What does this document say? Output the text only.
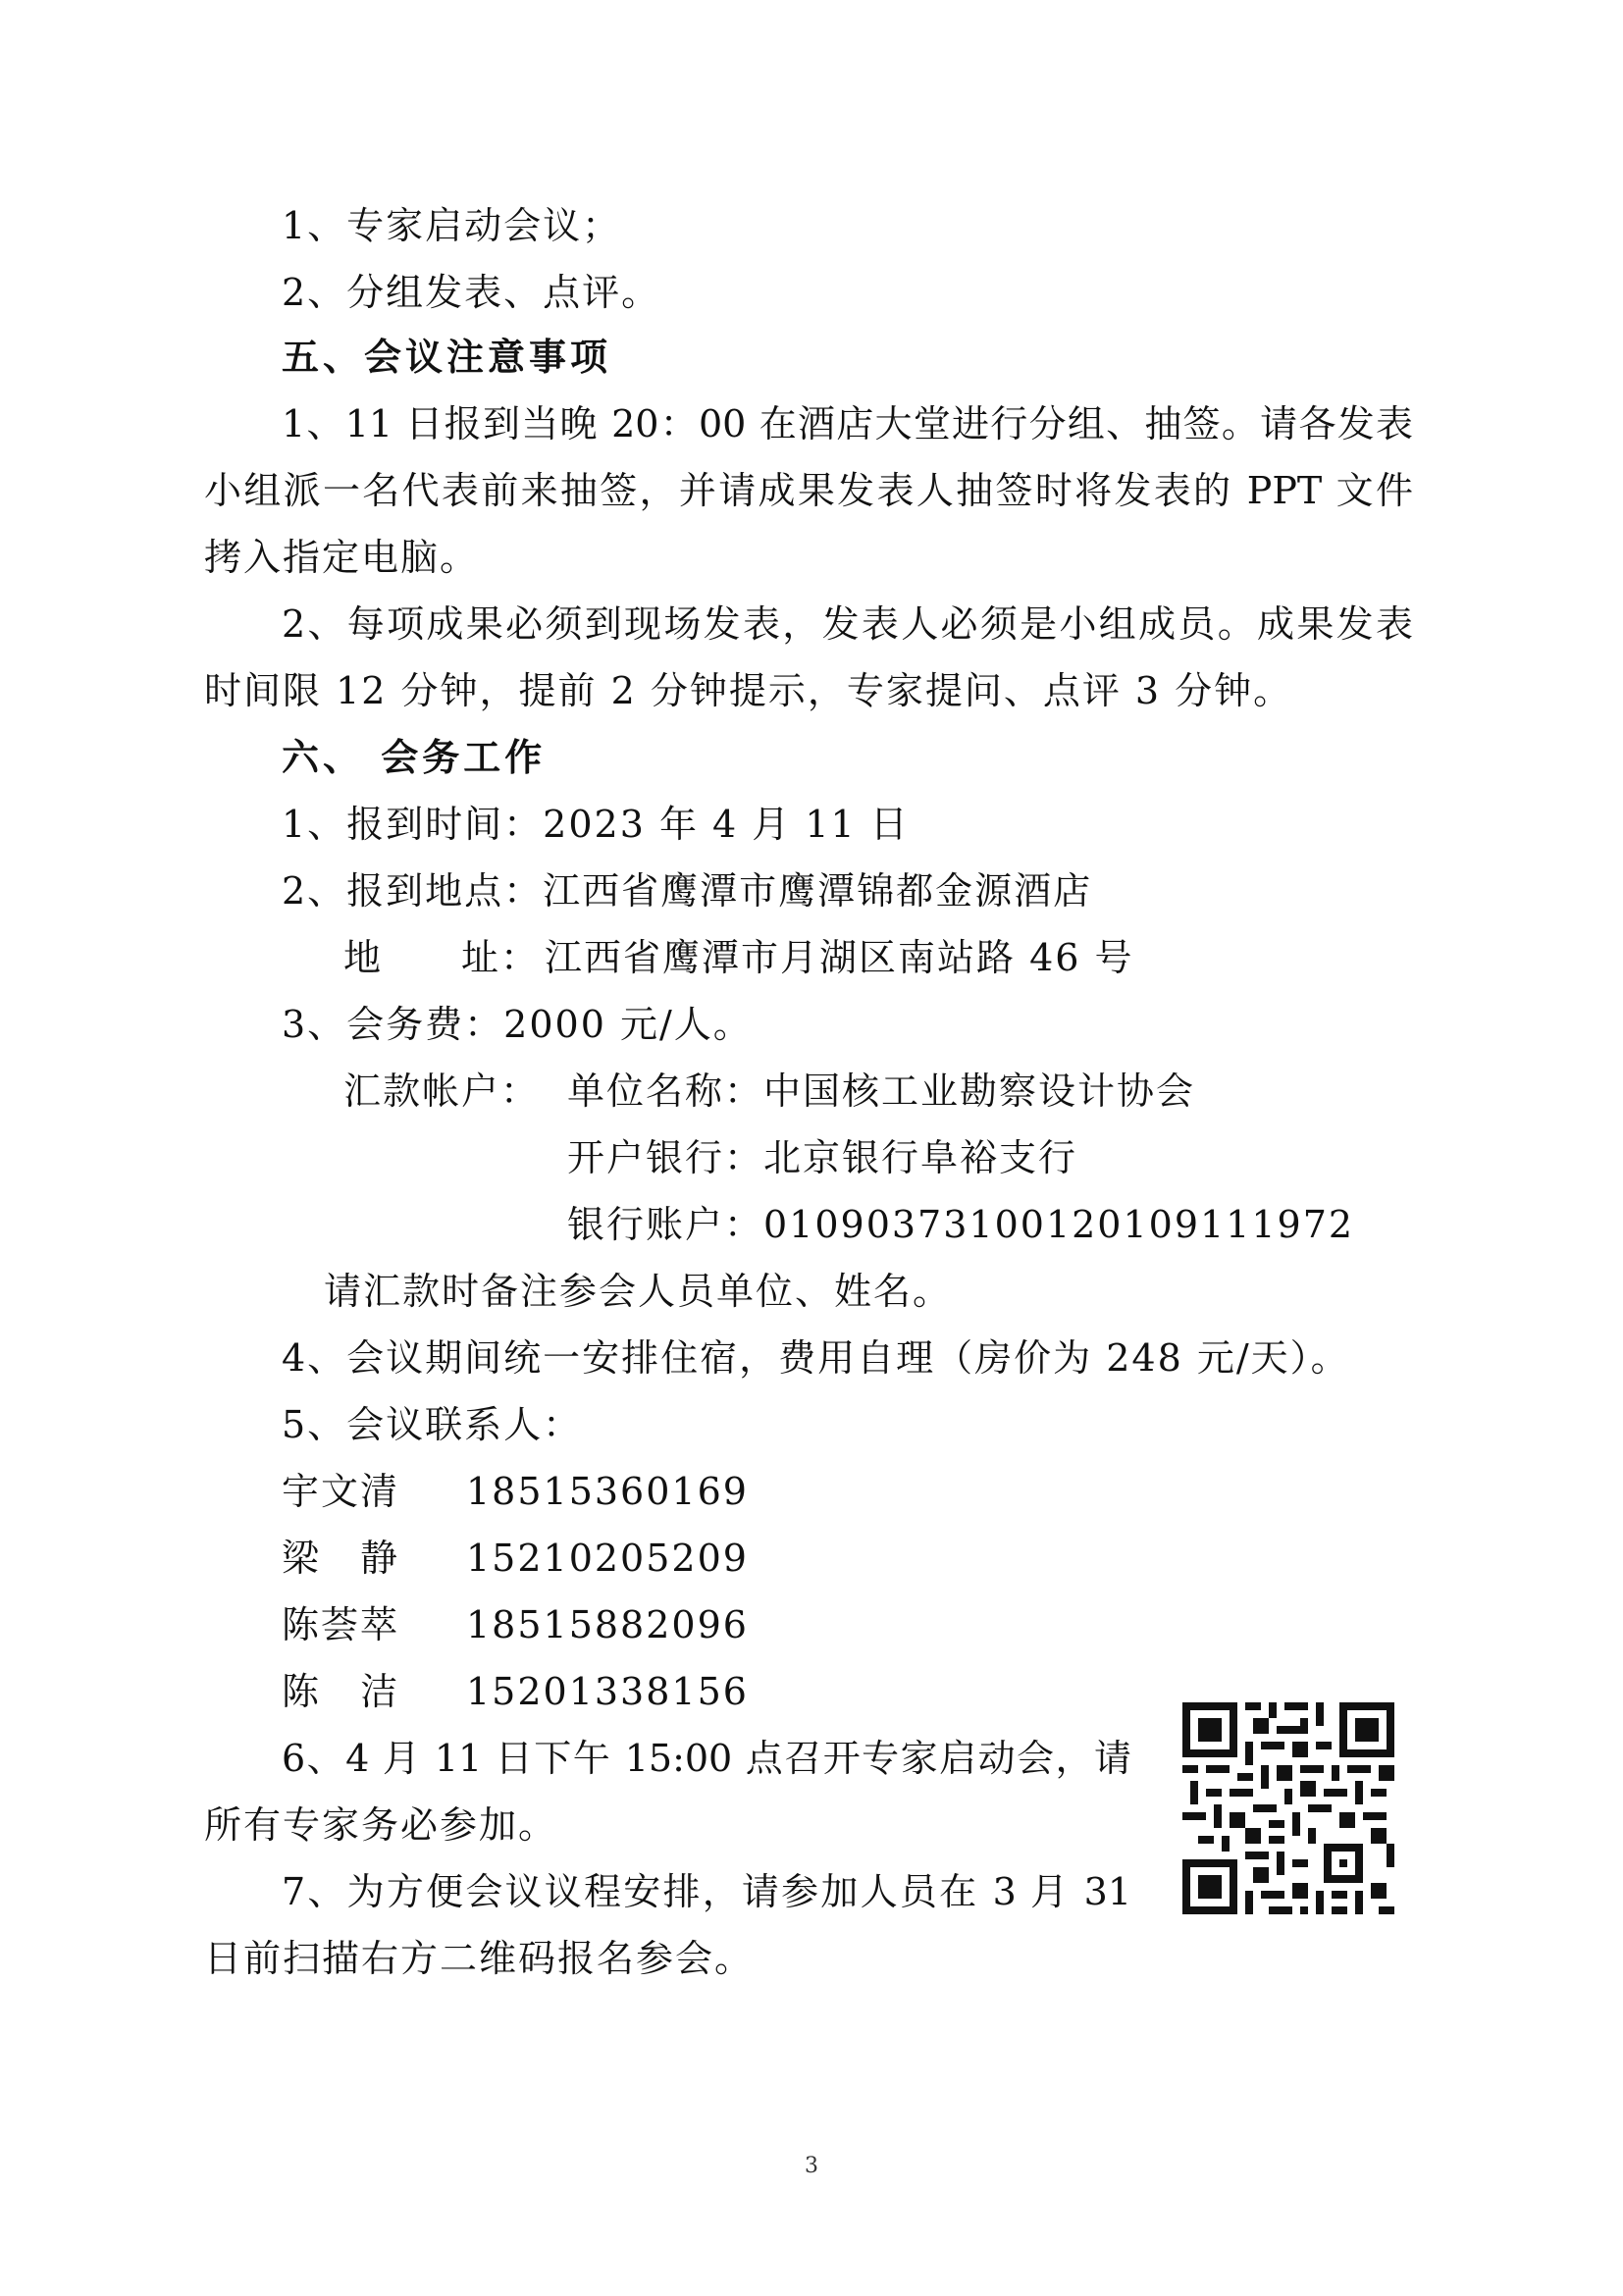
1、专家启动会议；
2、分组发表、点评。
五、会议注意事项
1、11 日报到当晚 20：00 在酒店大堂进行分组、抽签。请各发表
小组派一名代表前来抽签，并请成果发表人抽签时将发表的 PPT 文件
拷入指定电脑。
2、每项成果必须到现场发表，发表人必须是小组成员。成果发表
时间限 12 分钟，提前 2 分钟提示，专家提问、点评 3 分钟。
六、 会务工作
1、报到时间：2023 年 4 月 11 日
2、报到地点：江西省鹰潭市鹰潭锦都金源酒店
地　　址： 江西省鹰潭市月湖区南站路 46 号
3、会务费：2000 元/人。
汇款帐户： 单位名称：中国核工业勘察设计协会
开户银行：北京银行阜裕支行
银行账户：01090373100120109111972
请汇款时备注参会人员单位、姓名。
4、会议期间统一安排住宿，费用自理（房价为 248 元/天）。
5、会议联系人：
宇文清 18515360169
梁　静 15210205209
陈荟萃 18515882096
陈　洁 15201338156
6、4 月 11 日下午 15:00 点召开专家启动会，请
所有专家务必参加。
7、为方便会议议程安排，请参加人员在 3 月 31
日前扫描右方二维码报名参会。
3
